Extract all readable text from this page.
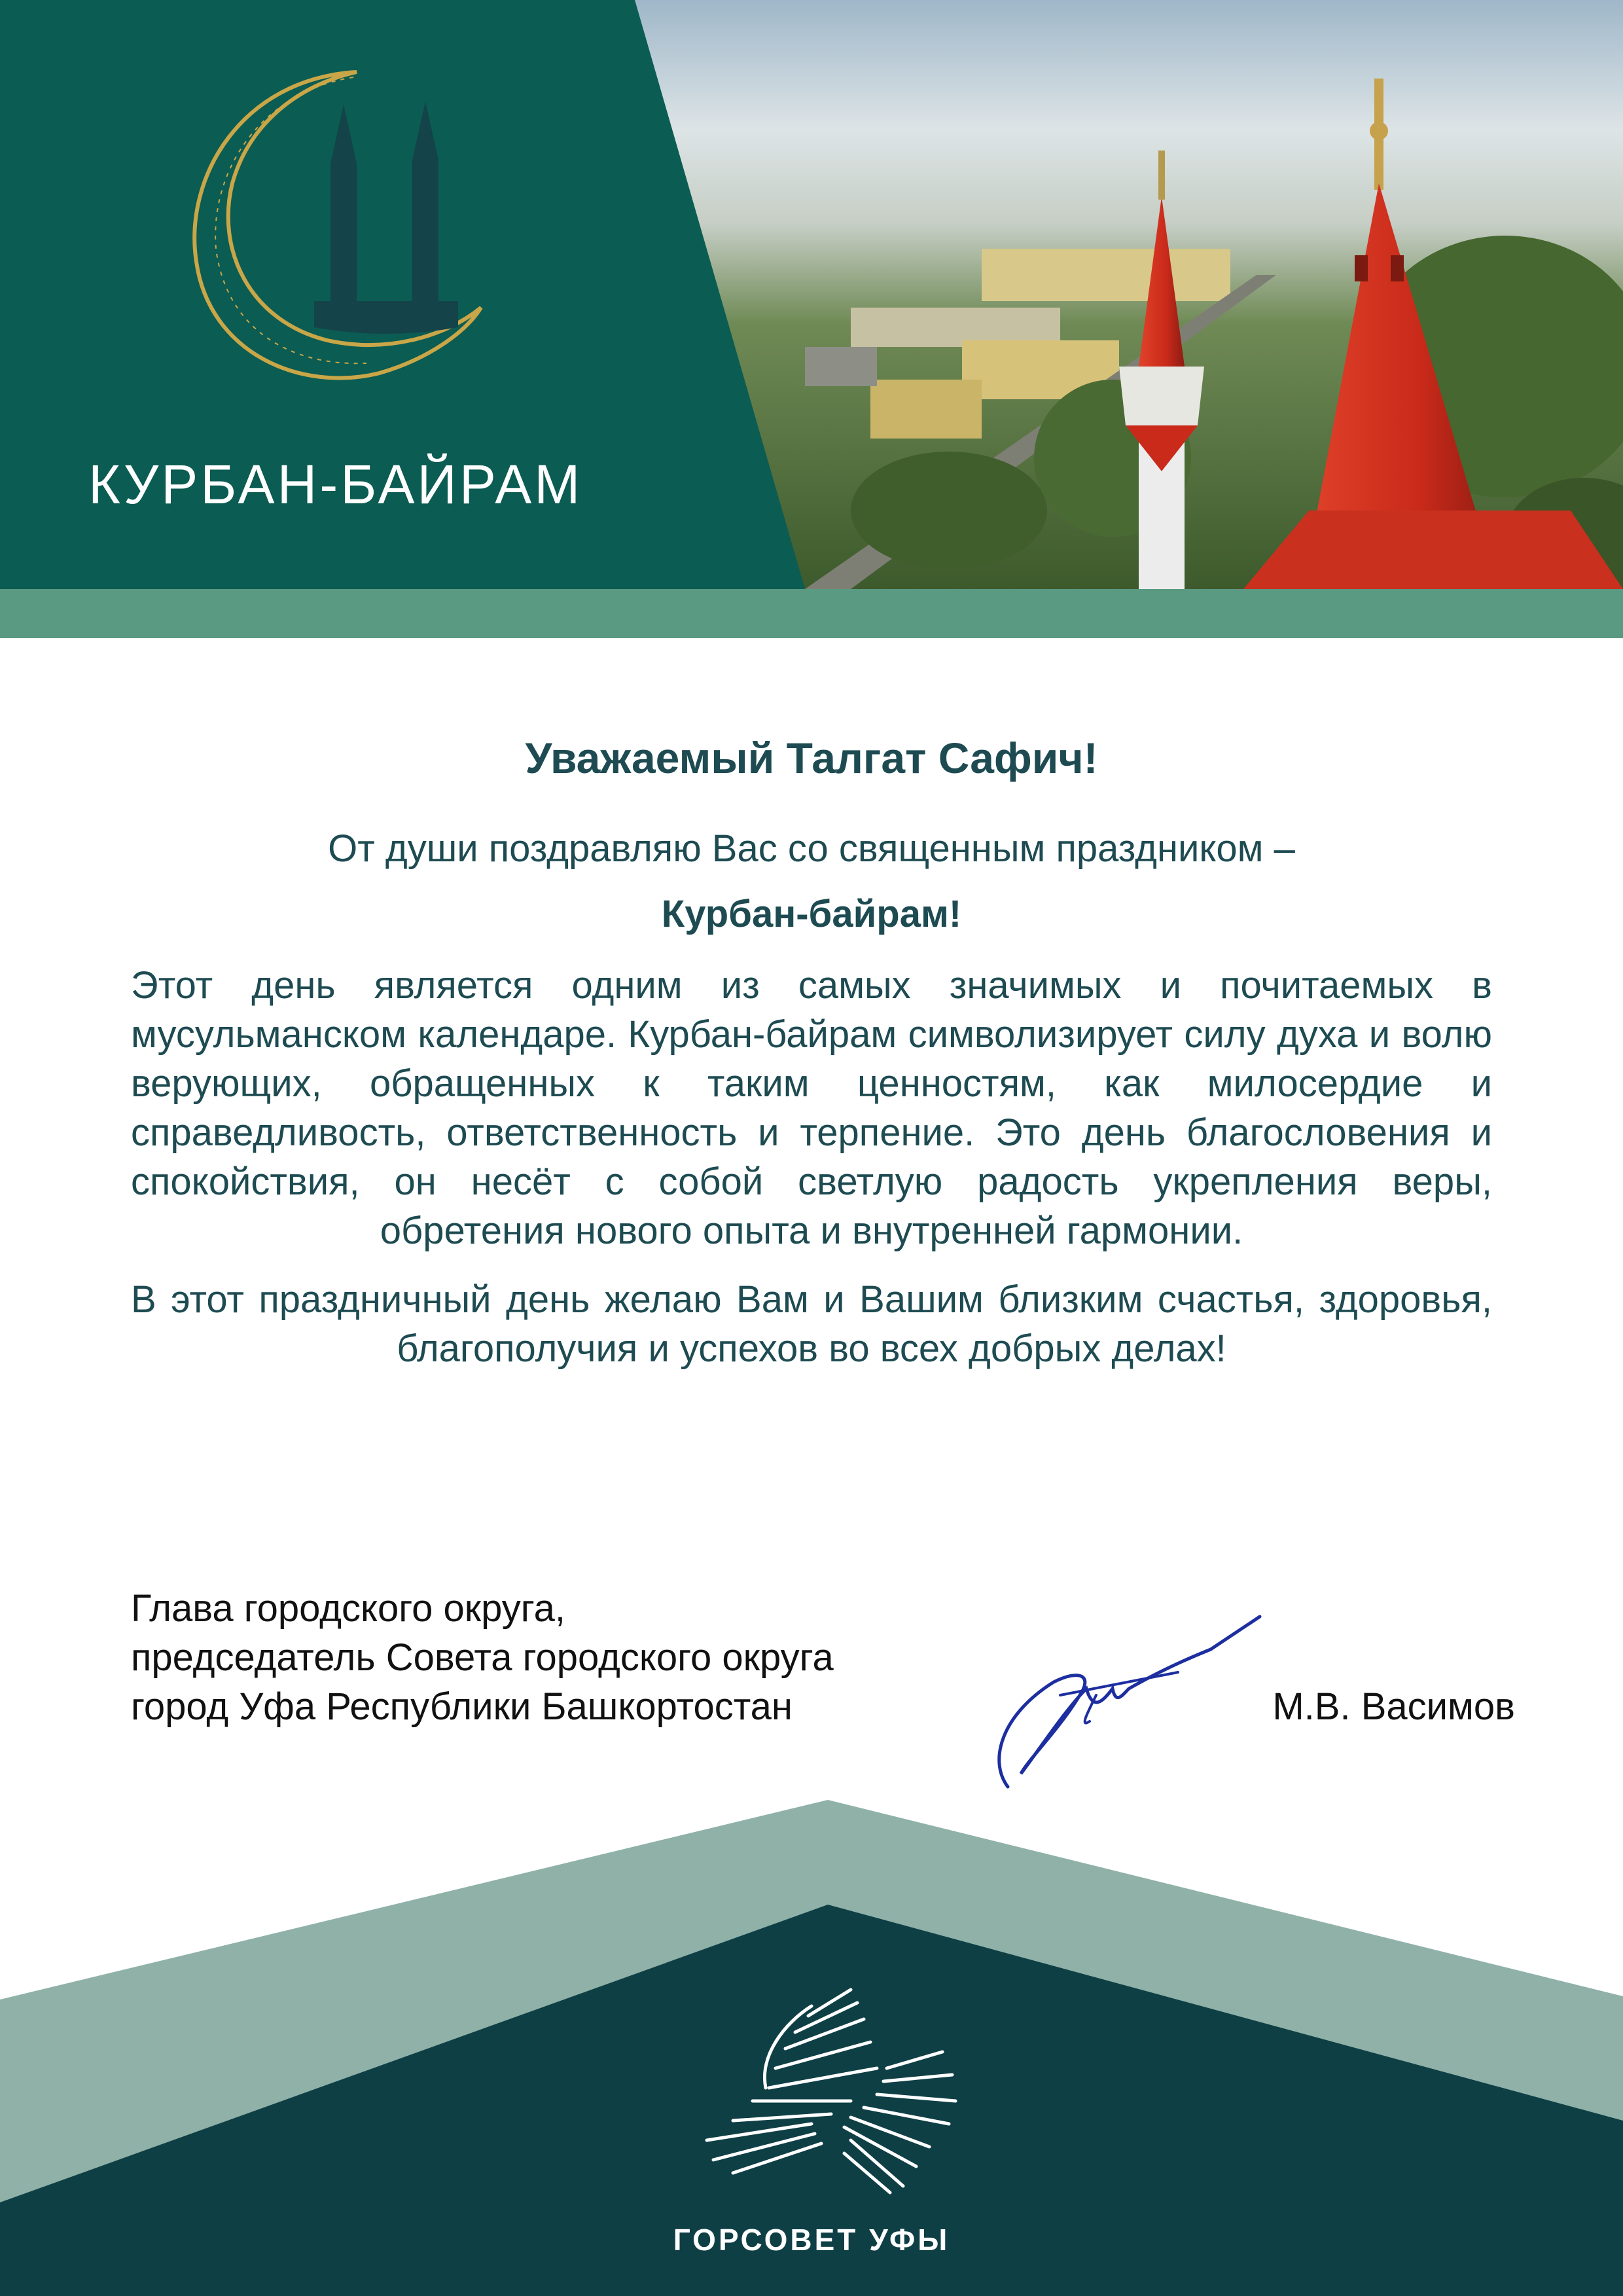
КУРБАН-БАЙРАМ

Уважаемый Талгат Сафич!

От души поздравляю Вас со священным праздником –

Курбан-байрам!

Этот день является одним из самых значимых и почитаемых в мусульманском календаре. Курбан-байрам символизирует силу духа и волю верующих, обращенных к таким ценностям, как милосердие и справедливость, ответственность и терпение. Это день благословения и спокойствия, он несёт с собой светлую радость укрепления веры, обретения нового опыта и внутренней гармонии.

В этот праздничный день желаю Вам и Вашим близким счастья, здоровья, благополучия и успехов во всех добрых делах!

Глава городского округа,
председатель Совета городского округа
город Уфа Республики Башкортостан	М.В. Васимов
ГОРСОВЕТ УФЫ
